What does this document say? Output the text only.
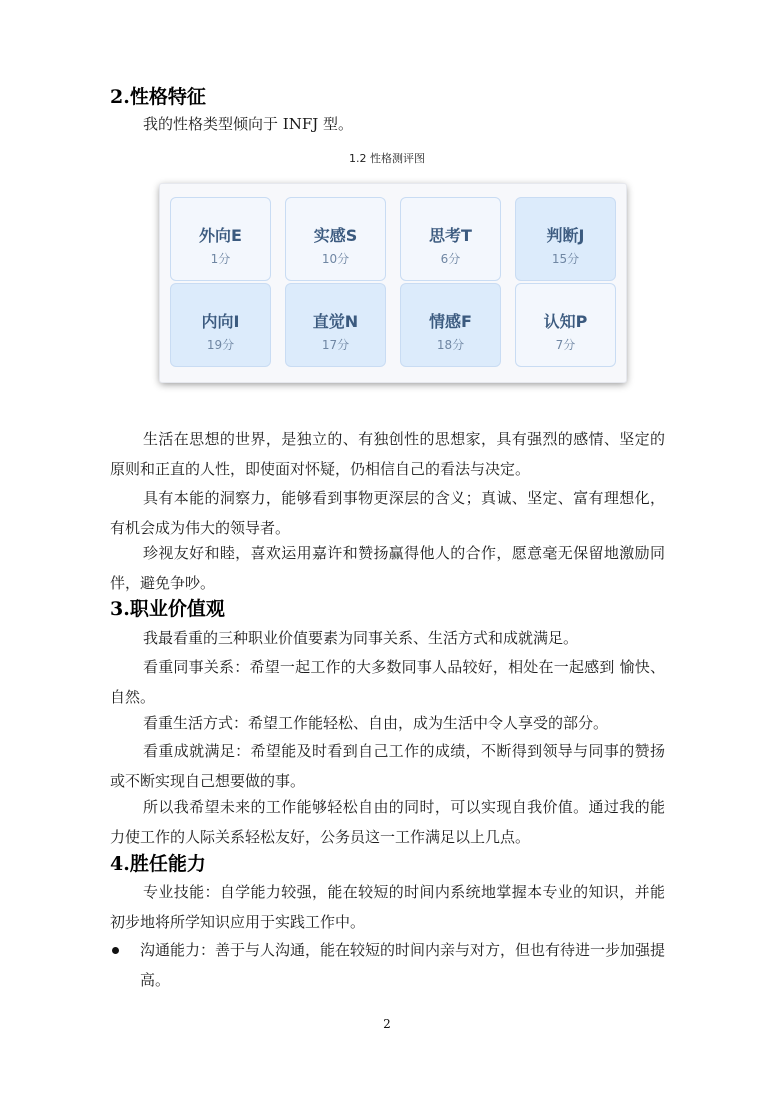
2.性格特征
我的性格类型倾向于 INFJ 型。
1.2 性格测评图
外向E
1分
实感S
10分
思考T
6分
判断J
15分
内向I
19分
直觉N
17分
情感F
18分
认知P
7分
生活在思想的世界，是独立的、有独创性的思想家，具有强烈的感情、坚定的原则和正直的人性，即使面对怀疑，仍相信自己的看法与决定。
具有本能的洞察力，能够看到事物更深层的含义；真诚、坚定、富有理想化，有机会成为伟大的领导者。
珍视友好和睦，喜欢运用嘉许和赞扬赢得他人的合作，愿意毫无保留地激励同伴，避免争吵。
3.职业价值观
我最看重的三种职业价值要素为同事关系、生活方式和成就满足。
看重同事关系：希望一起工作的大多数同事人品较好，相处在一起感到 愉快、自然。
看重生活方式：希望工作能轻松、自由，成为生活中令人享受的部分。
看重成就满足：希望能及时看到自己工作的成绩，不断得到领导与同事的赞扬或不断实现自己想要做的事。
所以我希望未来的工作能够轻松自由的同时，可以实现自我价值。通过我的能力使工作的人际关系轻松友好，公务员这一工作满足以上几点。
4.胜任能力
专业技能：自学能力较强，能在较短的时间内系统地掌握本专业的知识，并能初步地将所学知识应用于实践工作中。
沟通能力：善于与人沟通，能在较短的时间内亲与对方，但也有待进一步加强提高。
2
